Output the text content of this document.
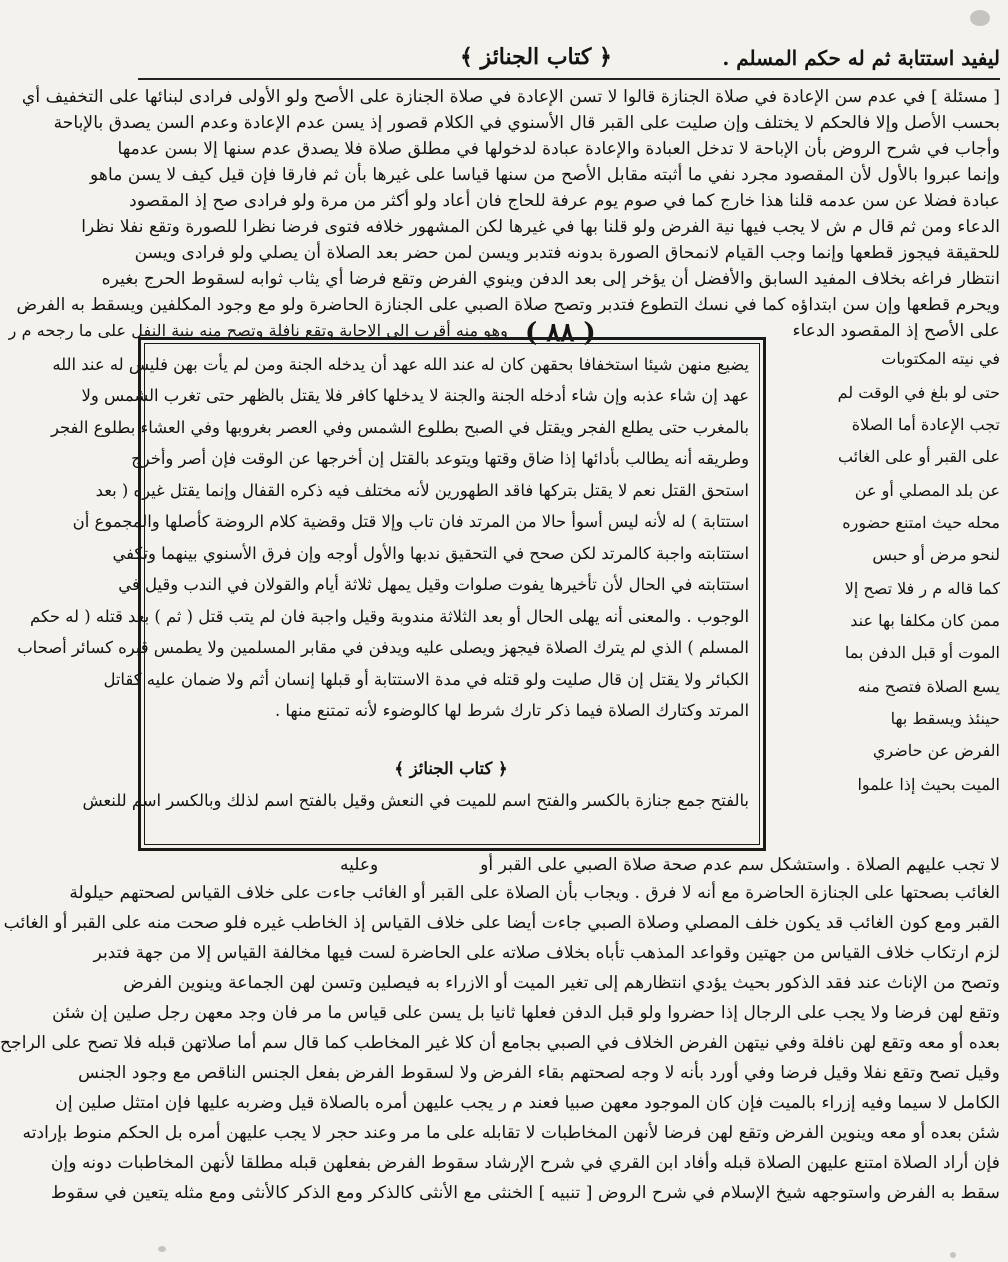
ليفيد استتابة ثم له حكم المسلم .
﴿ كتاب الجنائز ﴾
[ مسئلة ] في عدم سن الإعادة في صلاة الجنازة قالوا لا تسن الإعادة في صلاة الجنازة على الأصح ولو الأولى فرادى لبنائها على التخفيف أي
بحسب الأصل وإلا فالحكم لا يختلف وإن صليت على القبر قال الأسنوي في الكلام قصور إذ يسن عدم الإعادة وعدم السن يصدق بالإباحة
وأجاب في شرح الروض بأن الإباحة لا تدخل العبادة والإعادة عبادة لدخولها في مطلق صلاة فلا يصدق عدم سنها إلا بسن عدمها
وإنما عبروا بالأول لأن المقصود مجرد نفي ما أثبته مقابل الأصح من سنها قياسا على غيرها بأن ثم فارقا فإن قيل كيف لا يسن ماهو
عبادة فضلا عن سن عدمه قلنا هذا خارج كما في صوم يوم عرفة للحاج فان أعاد ولو أكثر من مرة ولو فرادى صح إذ المقصود
الدعاء ومن ثم قال م ش لا يجب فيها نية الفرض ولو قلنا بها في غيرها لكن المشهور خلافه فتوى فرضا نظرا للصورة وتقع نفلا نظرا
للحقيقة فيجوز قطعها وإنما وجب القيام لانمحاق الصورة بدونه فتدبر ويسن لمن حضر بعد الصلاة أن يصلي ولو فرادى ويسن
انتظار فراغه بخلاف المفيد السابق والأفضل أن يؤخر إلى بعد الدفن وينوي الفرض وتقع فرضا أي يثاب ثوابه لسقوط الحرج بغيره
ويحرم قطعها وإن سن ابتداؤه كما في نسك التطوع فتدبر وتصح صلاة الصبي على الجنازة الحاضرة ولو مع وجود المكلفين ويسقط به الفرض
على الأصح إذ المقصود الدعاء
وهو منه أقرب إلى الإجابة وتقع نافلة وتصح منه بنية النفل على ما رجحه م ر ( ٨٨ )
في نيته المكتوبات
حتى لو بلغ في الوقت لم
تجب الإعادة أما الصلاة
على القبر أو على الغائب
عن بلد المصلي أو عن
محله حيث امتنع حضوره
لنحو مرض أو حبس
كما قاله م ر فلا تصح إلا
ممن كان مكلفا بها عند
الموت أو قبل الدفن بما
يسع الصلاة فتصح منه
حينئذ ويسقط بها
الفرض عن حاضري
الميت بحيث إذا علموا
يضيع منهن شيئا استخفافا بحقهن كان له عند الله عهد أن يدخله الجنة ومن لم يأت بهن فليس له عند الله
عهد إن شاء عذبه وإن شاء أدخله الجنة والجنة لا يدخلها كافر فلا يقتل بالظهر حتى تغرب الشمس ولا
بالمغرب حتى يطلع الفجر ويقتل في الصبح بطلوع الشمس وفي العصر بغروبها وفي العشاء بطلوع الفجر
وطريقه أنه يطالب بأدائها إذا ضاق وقتها ويتوعد بالقتل إن أخرجها عن الوقت فإن أصر وأخرج
استحق القتل نعم لا يقتل بتركها فاقد الطهورين لأنه مختلف فيه ذكره القفال وإنما يقتل غيره ( بعد
استتابة ) له لأنه ليس أسوأ حالا من المرتد فان تاب وإلا قتل وقضية كلام الروضة كأصلها والمجموع أن
استتابته واجبة كالمرتد لكن صحح في التحقيق ندبها والأول أوجه وإن فرق الأسنوي بينهما وتكفي
استتابته في الحال لأن تأخيرها يفوت صلوات وقيل يمهل ثلاثة أيام والقولان في الندب وقيل في
الوجوب . والمعنى أنه يهلى الحال أو بعد الثلاثة مندوبة وقيل واجبة فان لم يتب قتل ( ثم ) بعد قتله ( له حكم
المسلم ) الذي لم يترك الصلاة فيجهز ويصلى عليه ويدفن في مقابر المسلمين ولا يطمس قبره كسائر أصحاب
الكبائر ولا يقتل إن قال صليت ولو قتله في مدة الاستتابة أو قبلها إنسان أثم ولا ضمان عليه كقاتل
المرتد وكتارك الصلاة فيما ذكر تارك شرط لها كالوضوء لأنه تمتنع منها .
﴿ كتاب الجنائز ﴾
بالفتح جمع جنازة بالكسر والفتح اسم للميت في النعش وقيل بالفتح اسم لذلك وبالكسر اسم للنعش
لا تجب عليهم الصلاة . واستشكل سم عدم صحة صلاة الصبي على القبر أو
وعليه
الغائب بصحتها على الجنازة الحاضرة مع أنه لا فرق . ويجاب بأن الصلاة على القبر أو الغائب جاءت على خلاف القياس لصحتهم حيلولة
القبر ومع كون الغائب قد يكون خلف المصلي وصلاة الصبي جاءت أيضا على خلاف القياس إذ الخاطب غيره فلو صحت منه على القبر أو الغائب
لزم ارتكاب خلاف القياس من جهتين وقواعد المذهب تأباه بخلاف صلاته على الحاضرة لست فيها مخالفة القياس إلا من جهة فتدبر
وتصح من الإناث عند فقد الذكور بحيث يؤدي انتظارهم إلى تغير الميت أو الازراء به فيصلين وتسن لهن الجماعة وينوين الفرض
وتقع لهن فرضا ولا يجب على الرجال إذا حضروا ولو قبل الدفن فعلها ثانيا بل يسن على قياس ما مر فان وجد معهن رجل صلين إن شئن
بعده أو معه وتقع لهن نافلة وفي نيتهن الفرض الخلاف في الصبي بجامع أن كلا غير المخاطب كما قال سم أما صلاتهن قبله فلا تصح على الراجح
وقيل تصح وتقع نفلا وقيل فرضا وفي أورد بأنه لا وجه لصحتهم بقاء الفرض ولا لسقوط الفرض بفعل الجنس الناقص مع وجود الجنس
الكامل لا سيما وفيه إزراء بالميت فإن كان الموجود معهن صبيا فعند م ر يجب عليهن أمره بالصلاة قيل وضربه عليها فإن امتثل صلين إن
شئن بعده أو معه وينوين الفرض وتقع لهن فرضا لأنهن المخاطبات لا تقابله على ما مر وعند حجر لا يجب عليهن أمره بل الحكم منوط بإرادته
فإن أراد الصلاة امتنع عليهن الصلاة قبله وأفاد ابن القري في شرح الإرشاد سقوط الفرض بفعلهن قبله مطلقا لأنهن المخاطبات دونه وإن
سقط به الفرض واستوجهه شيخ الإسلام في شرح الروض [ تنبيه ] الخنثى مع الأنثى كالذكر ومع الذكر كالأنثى ومع مثله يتعين في سقوط
